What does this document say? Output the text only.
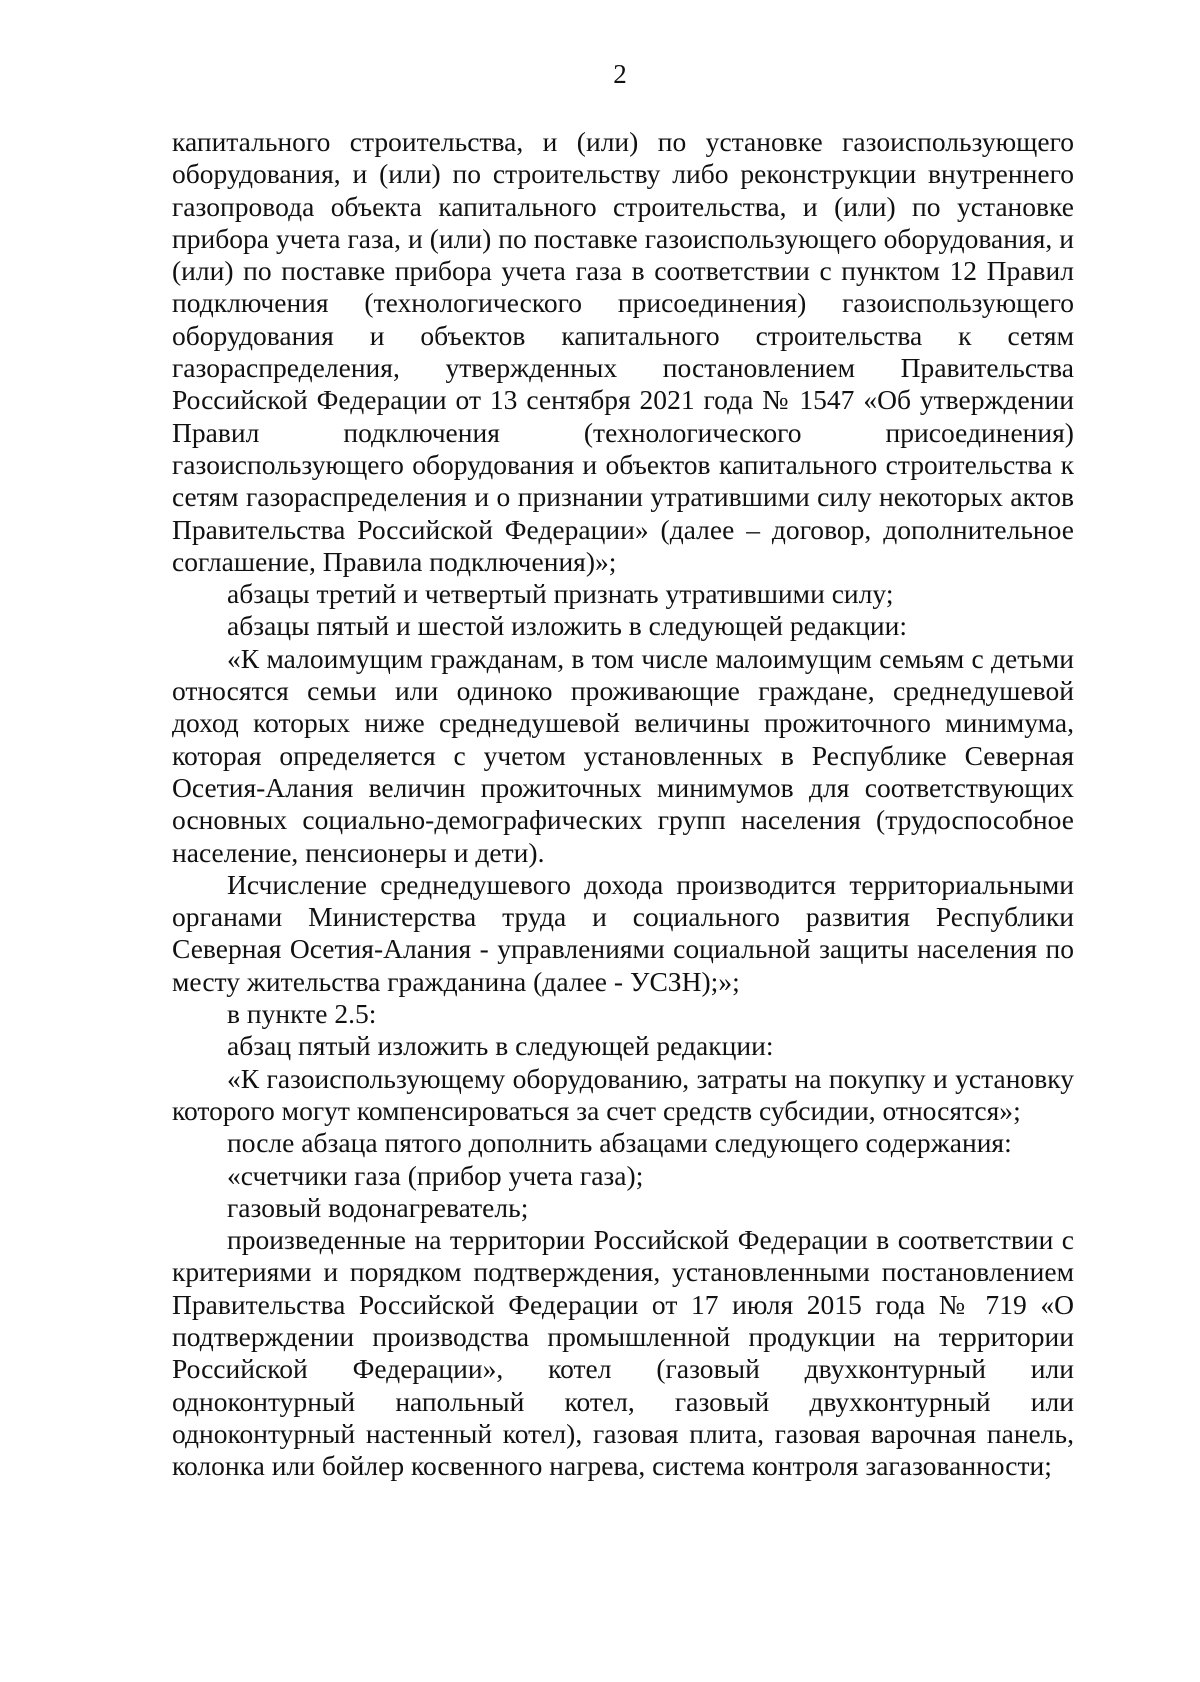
2

капитального строительства, и (или) по установке газоиспользующего оборудования, и (или) по строительству либо реконструкции внутреннего газопровода объекта капитального строительства, и (или) по установке прибора учета газа, и (или) по поставке газоиспользующего оборудования, и (или) по поставке прибора учета газа в соответствии с пунктом 12 Правил подключения (технологического присоединения) газоиспользующего оборудования и объектов капитального строительства к сетям газораспределения, утвержденных постановлением Правительства Российской Федерации от 13 сентября 2021 года № 1547 «Об утверждении Правил подключения (технологического присоединения) газоиспользующего оборудования и объектов капитального строительства к сетям газораспределения и о признании утратившими силу некоторых актов Правительства Российской Федерации» (далее – договор, дополнительное соглашение, Правила подключения)»;

абзацы третий и четвертый признать утратившими силу;

абзацы пятый и шестой изложить в следующей редакции:

«К малоимущим гражданам, в том числе малоимущим семьям с детьми относятся семьи или одиноко проживающие граждане, среднедушевой доход которых ниже среднедушевой величины прожиточного минимума, которая определяется с учетом установленных в Республике Северная Осетия-Алания величин прожиточных минимумов для соответствующих основных социально-демографических групп населения (трудоспособное население, пенсионеры и дети).

Исчисление среднедушевого дохода производится территориальными органами Министерства труда и социального развития Республики Северная Осетия-Алания - управлениями социальной защиты населения по месту жительства гражданина (далее - УСЗН);»;

в пункте 2.5:

абзац пятый изложить в следующей редакции:

«К газоиспользующему оборудованию, затраты на покупку и установку которого могут компенсироваться за счет средств субсидии, относятся»;

после абзаца пятого дополнить абзацами следующего содержания:

«счетчики газа (прибор учета газа);

газовый водонагреватель;

произведенные на территории Российской Федерации в соответствии с критериями и порядком подтверждения, установленными постановлением Правительства Российской Федерации от 17 июля 2015 года № 719 «О подтверждении производства промышленной продукции на территории Российской Федерации», котел (газовый двухконтурный или одноконтурный напольный котел, газовый двухконтурный или одноконтурный настенный котел), газовая плита, газовая варочная панель, колонка или бойлер косвенного нагрева, система контроля загазованности;
